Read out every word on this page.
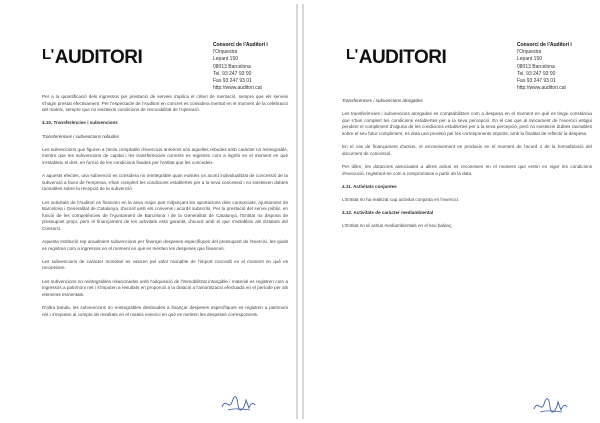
L'AUDITORI
Consorci de l'Auditori i
l'Orquestra
Lepant 150
08013 Barcelona
Tel. 93 247 93 00
Fax 93 247 93 01
http://www.auditori.cat

Per a la quantificació dels ingressos per prestació de serveis s'aplica el criteri de meritació, sempre que els serveis s'hagin prestat efectivament. Per l'espectacle de l'Auditori en concret es considera meritat en el moment de la celebració del mateix, sempre que no existeixin condicions de revocabilitat de l'operació.

4.10. Transferències i subvencions

Transferències i subvencions rebudes

Les subvencions que figuren a l'actiu comptable d'exercicis anteriors són aquelles rebudes amb caràcter no reintegrable, mentre que les subvencions de capital i les transferències corrents es registren com a ingrés en el moment en què s'estableix el dret, en funció de les condicions fixades per l'entitat que les concedeix.

A aquests efectes, una subvenció es considera no reintegrable quan existeix un acord individualitzat de concessió de la subvenció a favor de l'empresa, s'han complert les condicions establertes per a la seva concessió i no existeixen dubtes raonables sobre la recepció de la subvenció.

Les activitats de l'Auditori es financen en la seva major part mitjançant les aportacions dels consorciats, Ajuntament de Barcelona i Generalitat de Catalunya, d'acord amb els convenis i acords subscrits. Per la prestació del servei públic, en funció de les competències de l'Ajuntament de Barcelona i de la Generalitat de Catalunya, l'Entitat no disposa de pressupost propi, però el finançament de les activitats està garantit, d'acord amb el que s'estableix als Estatuts del Consorci.

Aquesta Institució rep anualment subvencions per finançar despeses específiques del pressupost de l'exercici, les quals es registren com a ingressos en el moment en què es meriten les despeses que financen.

Les subvencions de caràcter monetari es valoren pel valor raonable de l'import concedit en el moment en què es reconeixen.

Les subvencions no reintegrables relacionades amb l'adquisició de l'immobilitzat intangible i material es registren com a ingressos a patrimoni net i s'imputen a resultats en proporció a la dotació a l'amortització efectuada en el període per als elements esmentats.

D'altra banda, les subvencions no reintegrables destinades a finançar despeses específiques es registren a patrimoni net i s'imputen al compte de resultats en el mateix exercici en què es meriten les despeses corresponents.

L'AUDITORI
Consorci de l'Auditori i
l'Orquestra
Lepant 150
08013 Barcelona
Tel. 93 247 93 00
Fax 93 247 93 01
http://www.auditori.cat

Transferències i subvencions atorgades

Les transferències i subvencions atorgades es comptabilitzen com a despesa en el moment en què es tingui constància que s'han complert les condicions establertes per a la seva percepció. En el cas que al tancament de l'exercici estigui pendent el compliment d'alguna de les condicions establertes per a la seva percepció, però no existeixin dubtes raonables sobre el seu futur compliment, es dota una provisió per les corresponents imports, amb la finalitat de reflectir la despesa.

En el cas de finançament d'actius, el reconeixement es produeix en el moment de l'acord o de la formalització del document de concessió.

Per últim, les dotacions associades a altres actius es reconeixen en el moment que entrin en vigor les condicions d'execució, registrant-se com a compromisos a partir de la data.

4.11. Activitats conjuntes

L'Entitat no ha realitzat cap activitat conjunta en l'exercici.

4.12. Activitats de caràcter mediambiental

L'Entitat no té actius mediambientals en el seu balanç.
